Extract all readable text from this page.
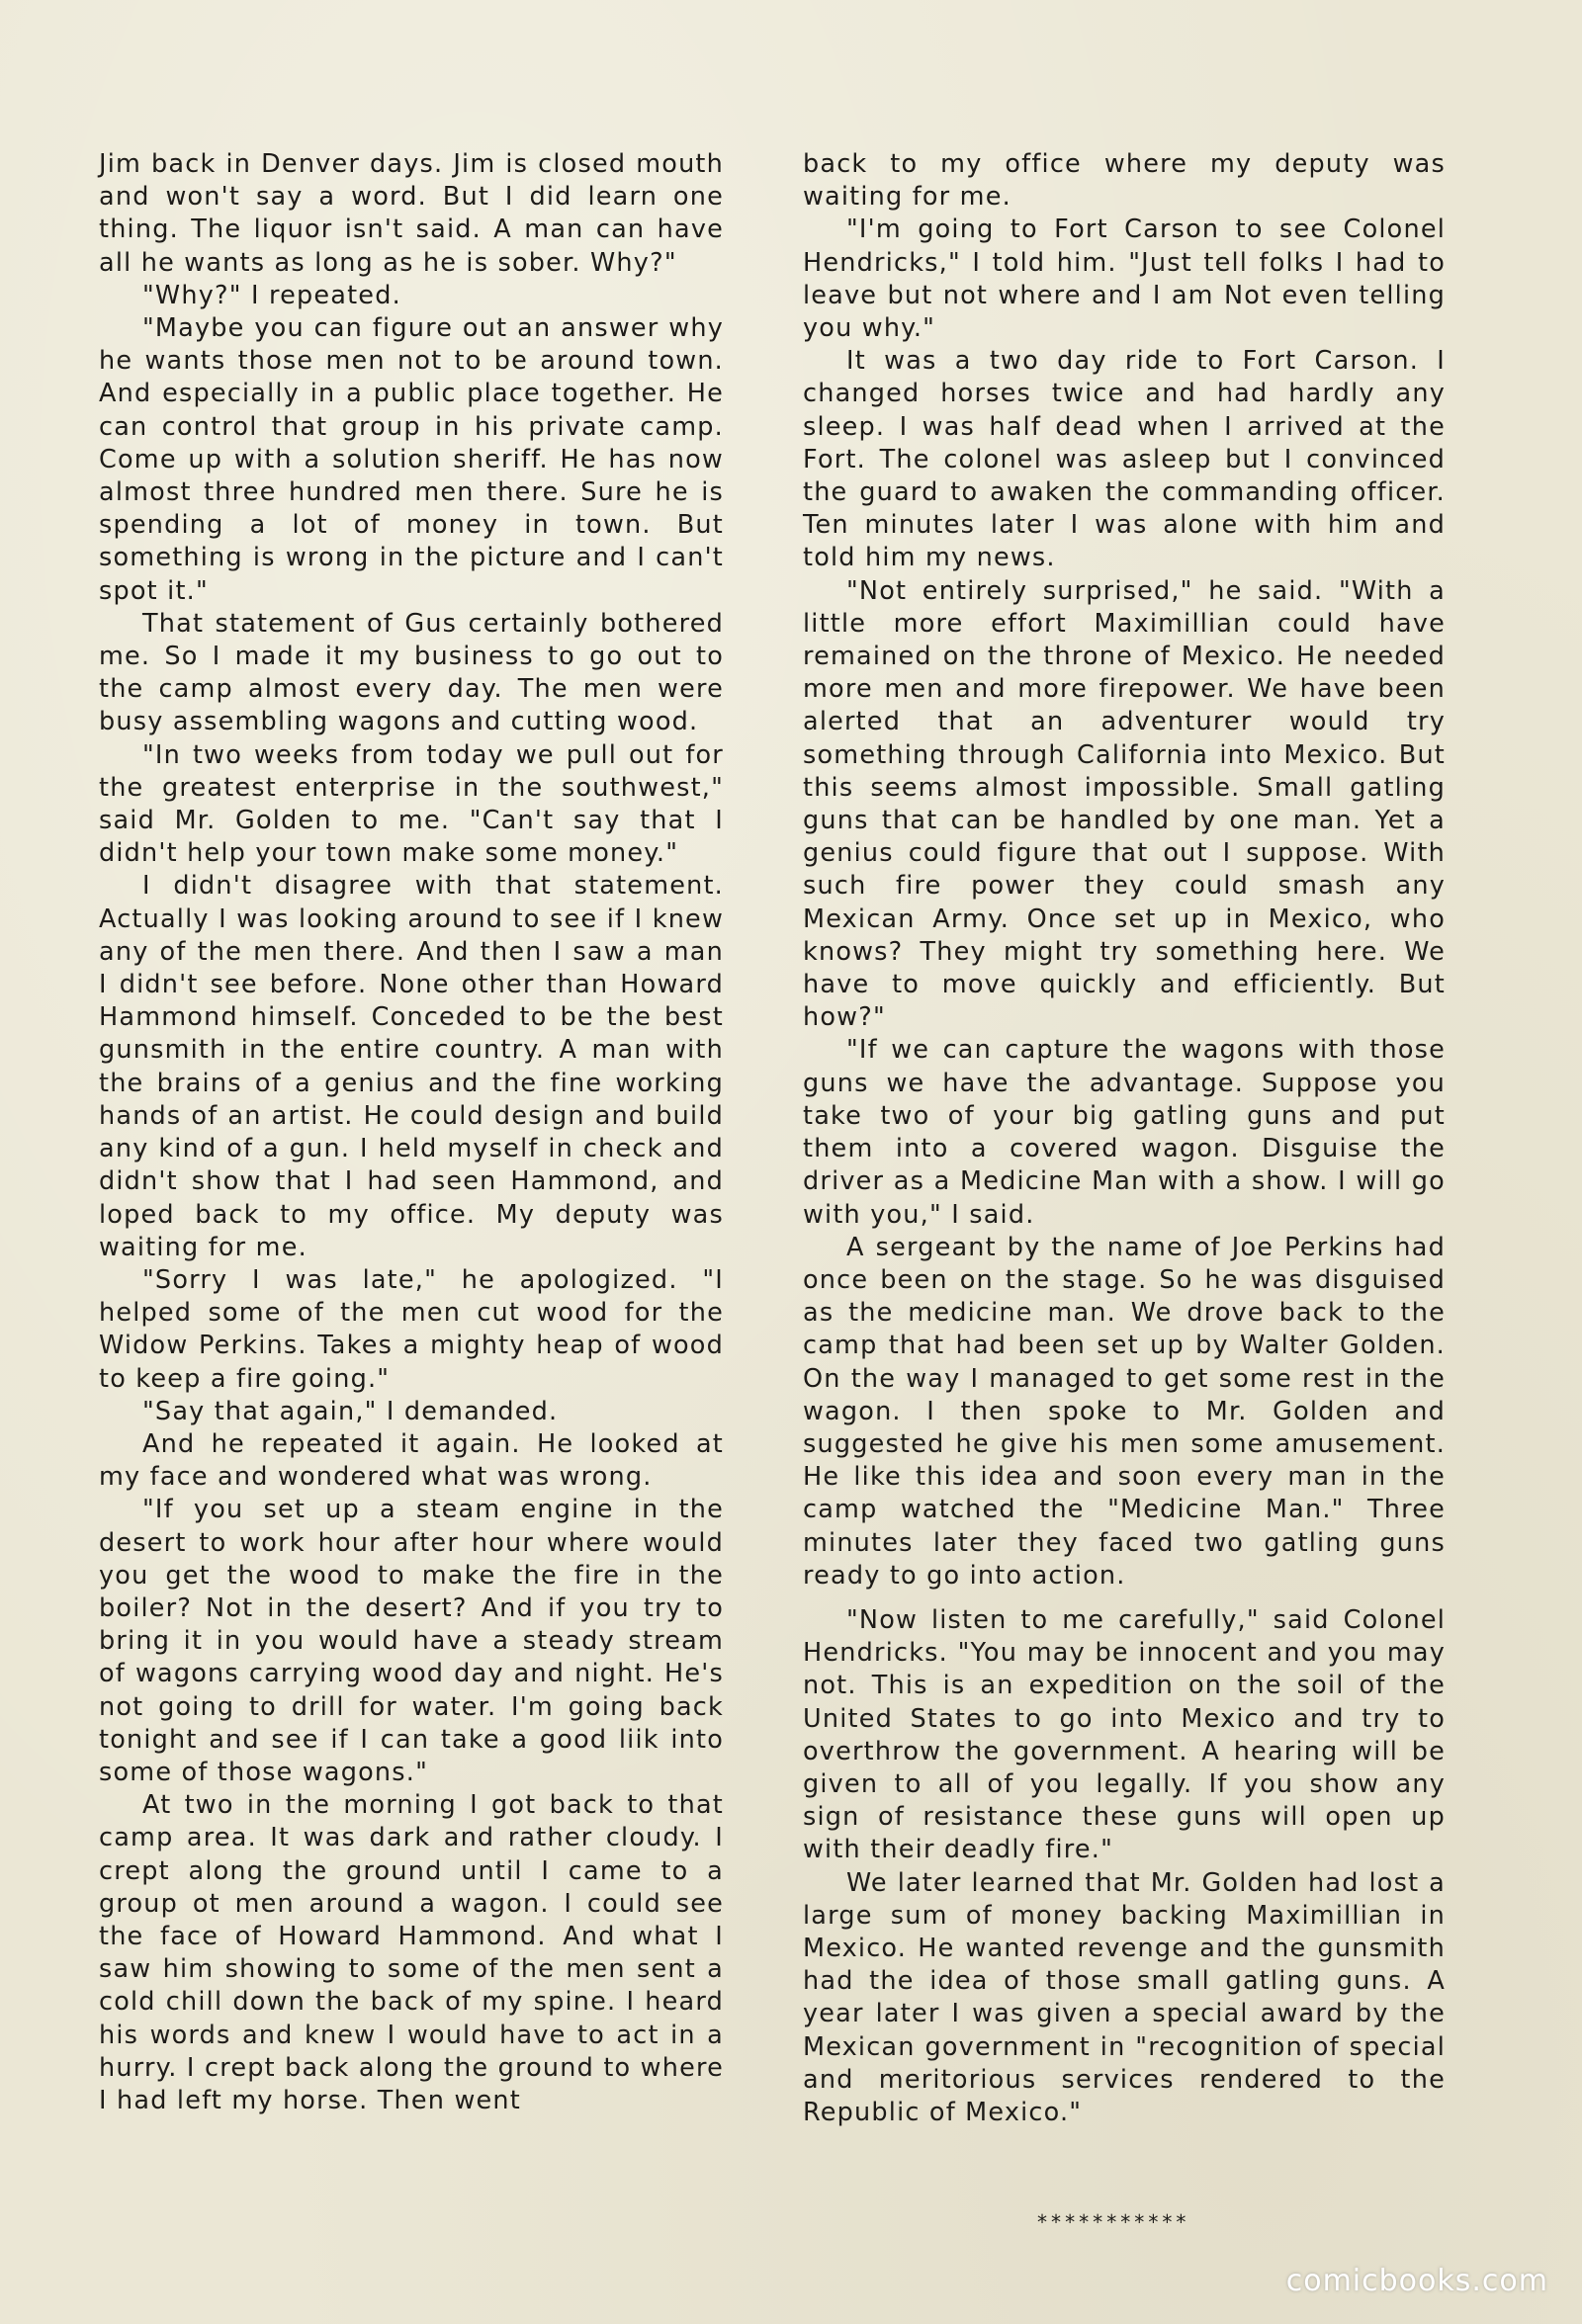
Jim back in Denver days. Jim is closed mouth and won't say a word. But I did learn one thing. The liquor isn't said. A man can have all he wants as long as he is sober. Why?"

"Why?" I repeated.

"Maybe you can figure out an answer why he wants those men not to be around town. And especially in a public place together. He can control that group in his private camp. Come up with a solution sheriff. He has now almost three hundred men there. Sure he is spending a lot of money in town. But something is wrong in the picture and I can't spot it."

That statement of Gus certainly bothered me. So I made it my business to go out to the camp almost every day. The men were busy assembling wagons and cutting wood.

"In two weeks from today we pull out for the greatest enterprise in the southwest," said Mr. Golden to me. "Can't say that I didn't help your town make some money."

I didn't disagree with that statement. Actually I was looking around to see if I knew any of the men there. And then I saw a man I didn't see before. None other than Howard Hammond himself. Conceded to be the best gunsmith in the entire country. A man with the brains of a genius and the fine working hands of an artist. He could design and build any kind of a gun. I held myself in check and didn't show that I had seen Hammond, and loped back to my office. My deputy was waiting for me.

"Sorry I was late," he apologized. "I helped some of the men cut wood for the Widow Perkins. Takes a mighty heap of wood to keep a fire going."

"Say that again," I demanded.

And he repeated it again. He looked at my face and wondered what was wrong.

"If you set up a steam engine in the desert to work hour after hour where would you get the wood to make the fire in the boiler? Not in the desert? And if you try to bring it in you would have a steady stream of wagons carrying wood day and night. He's not going to drill for water. I'm going back tonight and see if I can take a good liik into some of those wagons."

At two in the morning I got back to that camp area. It was dark and rather cloudy. I crept along the ground until I came to a group ot men around a wagon. I could see the face of Howard Hammond. And what I saw him showing to some of the men sent a cold chill down the back of my spine. I heard his words and knew I would have to act in a hurry. I crept back along the ground to where I had left my horse. Then went

back to my office where my deputy was waiting for me.

"I'm going to Fort Carson to see Colonel Hendricks," I told him. "Just tell folks I had to leave but not where and I am Not even telling you why."

It was a two day ride to Fort Carson. I changed horses twice and had hardly any sleep. I was half dead when I arrived at the Fort. The colonel was asleep but I convinced the guard to awaken the commanding officer. Ten minutes later I was alone with him and told him my news.

"Not entirely surprised," he said. "With a little more effort Maximillian could have remained on the throne of Mexico. He needed more men and more firepower. We have been alerted that an adventurer would try something through California into Mexico. But this seems almost impossible. Small gatling guns that can be handled by one man. Yet a genius could figure that out I suppose. With such fire power they could smash any Mexican Army. Once set up in Mexico, who knows? They might try something here. We have to move quickly and efficiently. But how?"

"If we can capture the wagons with those guns we have the advantage. Suppose you take two of your big gatling guns and put them into a covered wagon. Disguise the driver as a Medicine Man with a show. I will go with you," I said.

A sergeant by the name of Joe Perkins had once been on the stage. So he was disguised as the medicine man. We drove back to the camp that had been set up by Walter Golden. On the way I managed to get some rest in the wagon. I then spoke to Mr. Golden and suggested he give his men some amusement. He like this idea and soon every man in the camp watched the "Medicine Man." Three minutes later they faced two gatling guns ready to go into action.

"Now listen to me carefully," said Colonel Hendricks. "You may be innocent and you may not. This is an expedition on the soil of the United States to go into Mexico and try to overthrow the government. A hearing will be given to all of you legally. If you show any sign of resistance these guns will open up with their deadly fire."

We later learned that Mr. Golden had lost a large sum of money backing Maximillian in Mexico. He wanted revenge and the gunsmith had the idea of those small gatling guns. A year later I was given a special award by the Mexican government in "recognition of special and meritorious services rendered to the Republic of Mexico."

***********
comicbooks.com
